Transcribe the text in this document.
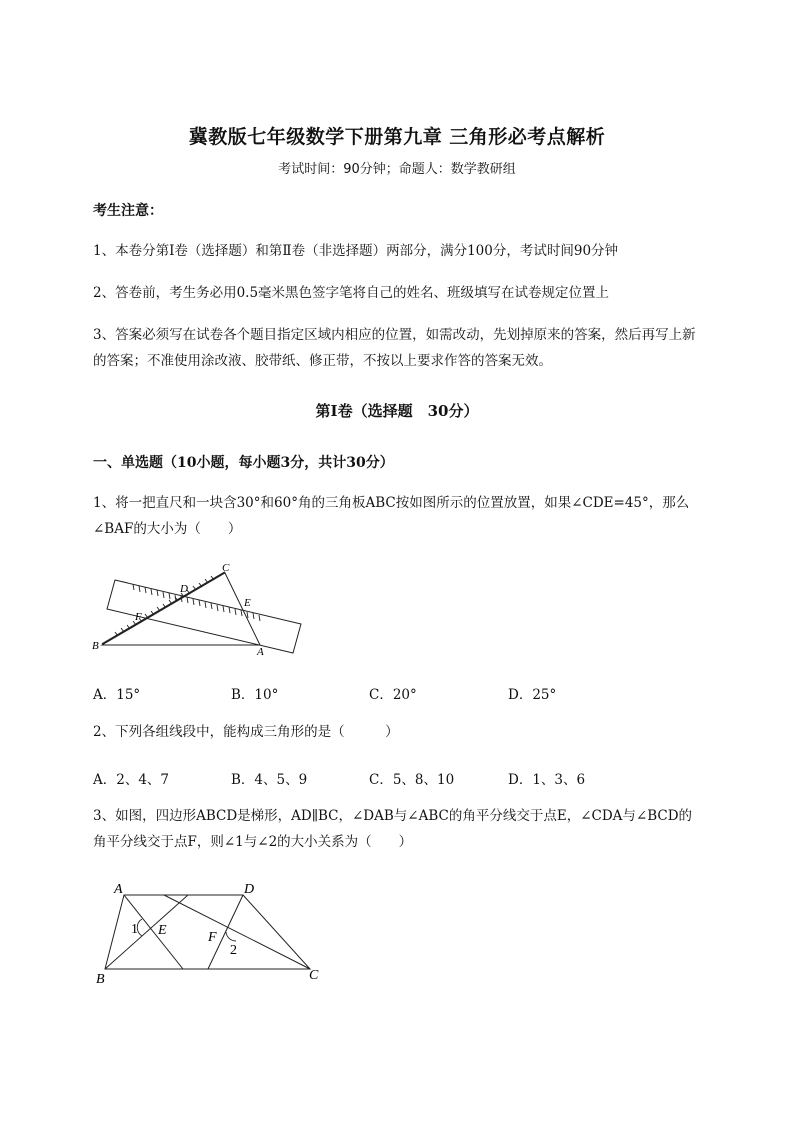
冀教版七年级数学下册第九章 三角形必考点解析
考试时间：90分钟；命题人：数学教研组
考生注意：
1、本卷分第Ⅰ卷（选择题）和第Ⅱ卷（非选择题）两部分，满分100分，考试时间90分钟
2、答卷前，考生务必用0.5毫米黑色签字笔将自己的姓名、班级填写在试卷规定位置上
3、答案必须写在试卷各个题目指定区域内相应的位置，如需改动，先划掉原来的答案，然后再写上新
的答案；不准使用涂改液、胶带纸、修正带，不按以上要求作答的答案无效。
第Ⅰ卷（选择题　30分）
一、单选题（10小题，每小题3分，共计30分）
1、将一把直尺和一块含30°和60°角的三角板ABC按如图所示的位置放置，如果∠CDE=45°，那么
∠BAF的大小为（　　）
C
D
E
F
B	A
A．15°	B．10°	C．20°	D．25°
2、下列各组线段中，能构成三角形的是（　　　）
A．2、4、7	B．4、5、9	C．5、8、10	D．1、3、6
3、如图，四边形ABCD是梯形，AD∥BC，∠DAB与∠ABC的角平分线交于点E，∠CDA与∠BCD的
角平分线交于点F，则∠1与∠2的大小关系为（　　）
A	D
B	C
E	F
1
2
